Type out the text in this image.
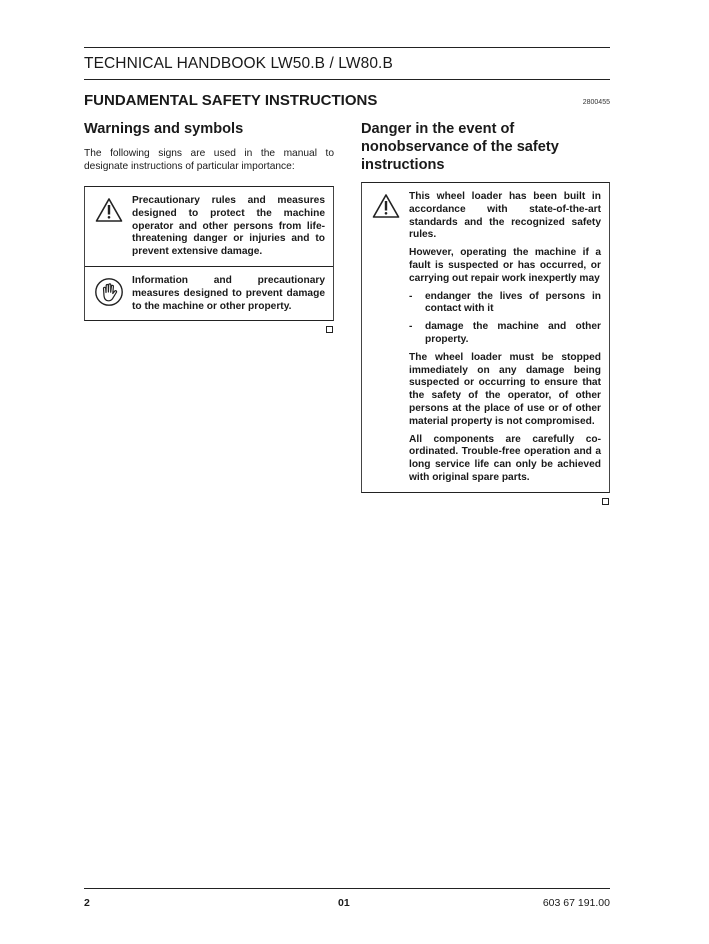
TECHNICAL HANDBOOK LW50.B / LW80.B
FUNDAMENTAL SAFETY INSTRUCTIONS	2800455
Warnings and symbols

The following signs are used in the manual to designate instructions of particular importance:

Precautionary rules and measures designed to protect the machine operator and other persons from life-threatening danger or injuries and to prevent extensive damage.
Information and precautionary measures designed to prevent damage to the machine or other property.
Danger in the event of nonobservance of the safety instructions

This wheel loader has been built in accordance with state-of-the-art standards and the recognized safety rules.

However, operating the machine if a fault is suspected or has occurred, or carrying out repair work inexpertly may

-	endanger the lives of persons in contact with it
-	damage the machine and other property.

The wheel loader must be stopped immediately on any damage being suspected or occurring to ensure that the safety of the operator, of other persons at the place of use or of other material property is not compromised.

All components are carefully co-ordinated. Trouble-free operation and a long service life can only be achieved with original spare parts.

2	01	603 67 191.00
